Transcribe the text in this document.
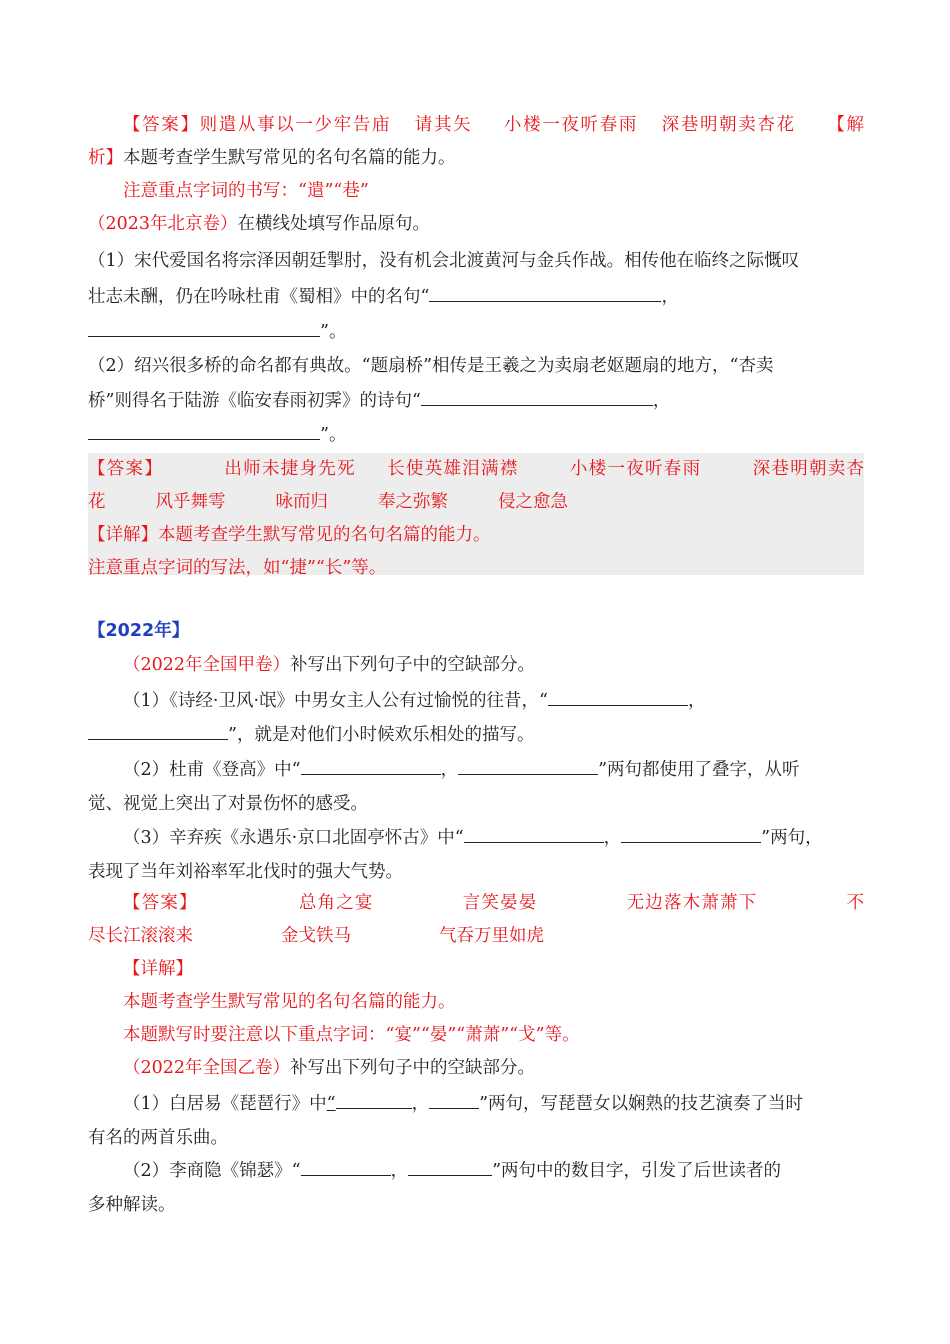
【答案】则遣从事以一少牢告庙 请其矢 小楼一夜听春雨 深巷明朝卖杏花 【解

析】本题考查学生默写常见的名句名篇的能力。

注意重点字词的书写：“遣”“巷”

（2023年北京卷）在横线处填写作品原句。

（1）宋代爱国名将宗泽因朝廷掣肘，没有机会北渡黄河与金兵作战。相传他在临终之际慨叹

壮志未酬，仍在吟咏杜甫《蜀相》中的名句“	，

”。

（2）绍兴很多桥的命名都有典故。“题扇桥”相传是王羲之为卖扇老妪题扇的地方，“杏卖

桥”则得名于陆游《临安春雨初霁》的诗句“	，

”。

【答案】	出师未捷身先死 长使英雄泪满襟	小楼一夜听春雨	深巷明朝卖杏
花	风乎舞雩	咏而归	奉之弥繁	侵之愈急
【详解】本题考查学生默写常见的名句名篇的能力。
注意重点字词的写法，如“捷”“长”等。

【2022年】

（2022年全国甲卷）补写出下列句子中的空缺部分。

（1）《诗经·卫风·氓》中男女主人公有过愉悦的往昔，“	，

”，就是对他们小时候欢乐相处的描写。

（2）杜甫《登高》中“	，	”两句都使用了叠字，从听

觉、视觉上突出了对景伤怀的感受。

（3）辛弃疾《永遇乐·京口北固亭怀古》中“	，	”两句，

表现了当年刘裕率军北伐时的强大气势。

【答案】	总角之宴	言笑晏晏	无边落木萧萧下	不

尽长江滚滚来	金戈铁马	气吞万里如虎

【详解】

本题考查学生默写常见的名句名篇的能力。

本题默写时要注意以下重点字词：“宴”“晏”“萧萧”“戈”等。

（2022年全国乙卷）补写出下列句子中的空缺部分。

（1）白居易《琵琶行》中“	，	”两句，写琵琶女以娴熟的技艺演奏了当时

有名的两首乐曲。

（2）李商隐《锦瑟》“	，	”两句中的数目字，引发了后世读者的

多种解读。
